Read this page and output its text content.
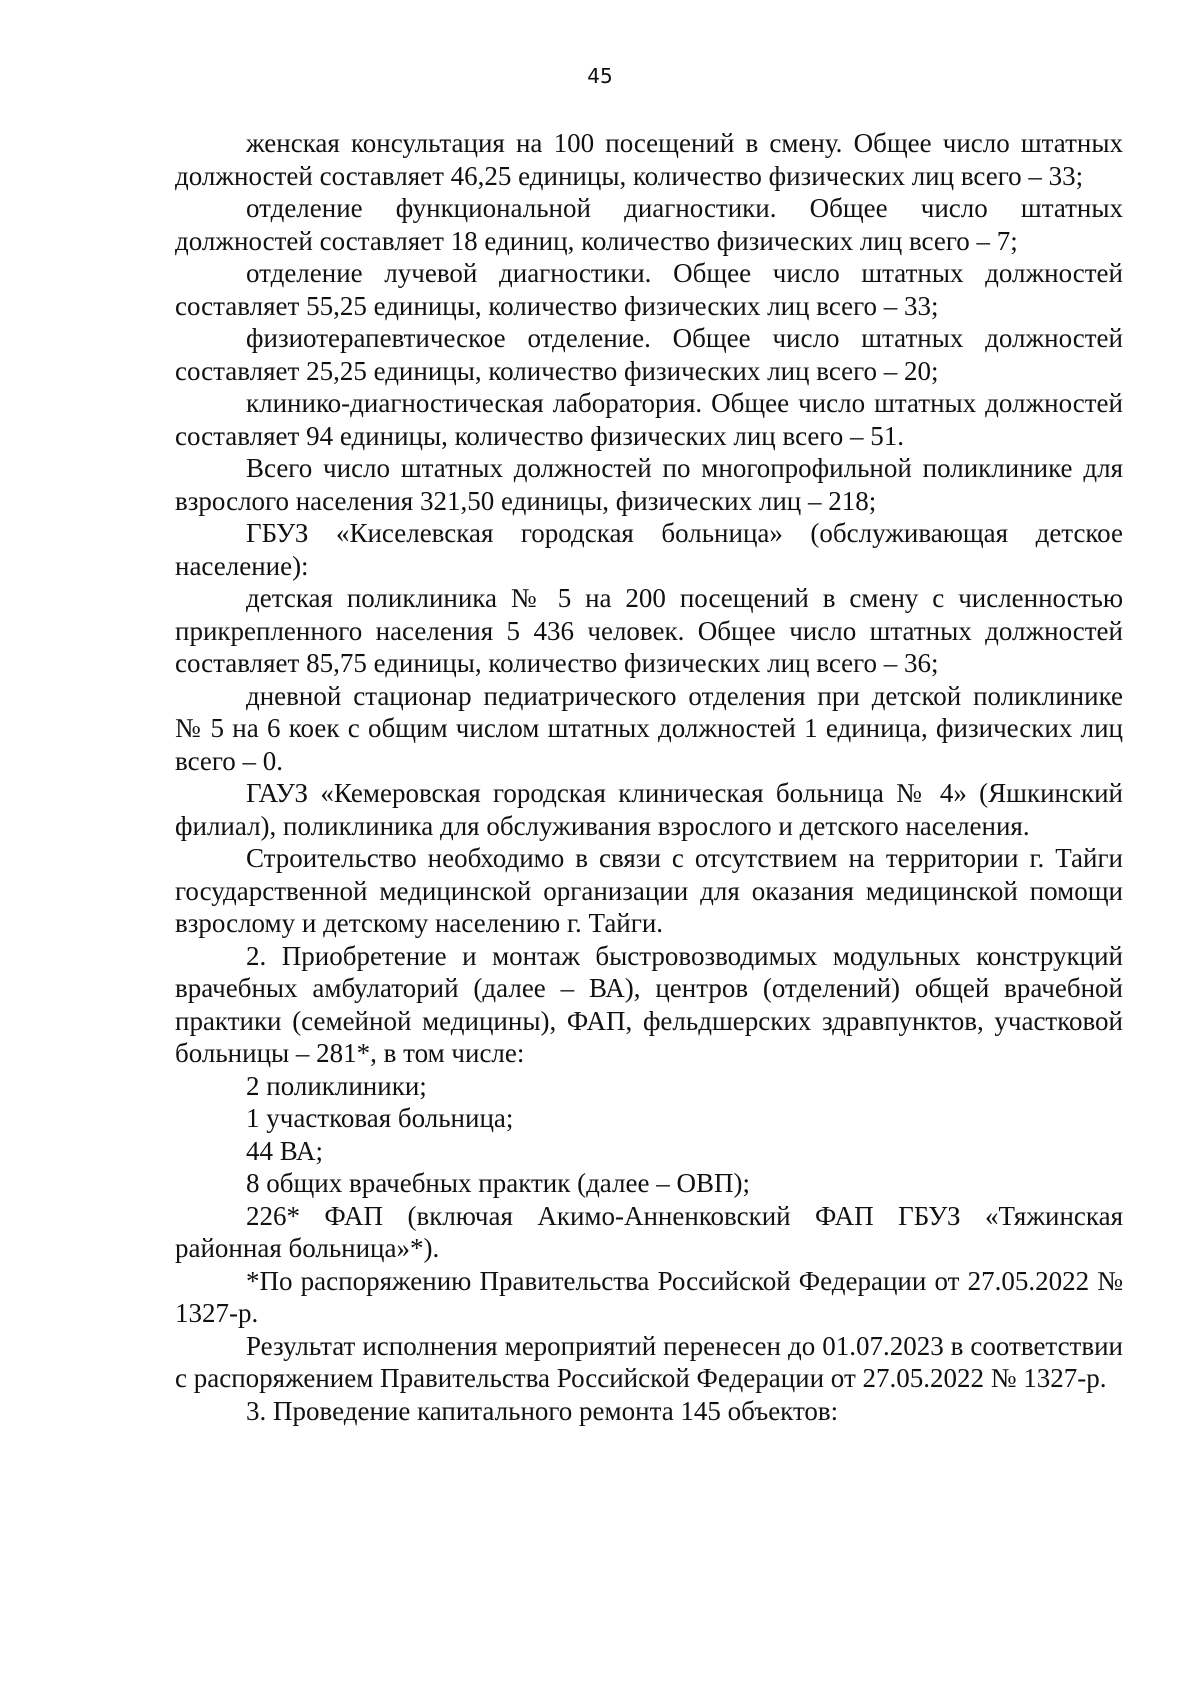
45

женская консультация на 100 посещений в смену. Общее число штатных должностей составляет 46,25 единицы, количество физических лиц всего – 33;

отделение функциональной диагностики. Общее число штатных должностей составляет 18 единиц, количество физических лиц всего – 7;

отделение лучевой диагностики. Общее число штатных должностей составляет 55,25 единицы, количество физических лиц всего – 33;

физиотерапевтическое отделение. Общее число штатных должностей составляет 25,25 единицы, количество физических лиц всего – 20;

клинико-диагностическая лаборатория. Общее число штатных должностей составляет 94 единицы, количество физических лиц всего – 51.

Всего число штатных должностей по многопрофильной поликлинике для взрослого населения 321,50 единицы, физических лиц – 218;

ГБУЗ «Киселевская городская больница» (обслуживающая детское население):

детская поликлиника № 5 на 200 посещений в смену с численностью прикрепленного населения 5 436 человек. Общее число штатных должностей составляет 85,75 единицы, количество физических лиц всего – 36;

дневной стационар педиатрического отделения при детской поликлинике № 5 на 6 коек с общим числом штатных должностей 1 единица, физических лиц всего – 0.

ГАУЗ «Кемеровская городская клиническая больница № 4» (Яшкинский филиал), поликлиника для обслуживания взрослого и детского населения.

Строительство необходимо в связи с отсутствием на территории г. Тайги государственной медицинской организации для оказания медицинской помощи взрослому и детскому населению г. Тайги.

2. Приобретение и монтаж быстровозводимых модульных конструкций врачебных амбулаторий (далее – ВА), центров (отделений) общей врачебной практики (семейной медицины), ФАП, фельдшерских здравпунктов, участковой больницы – 281*, в том числе:

2 поликлиники;

1 участковая больница;

44 ВА;

8 общих врачебных практик (далее – ОВП);

226* ФАП (включая Акимо-Анненковский ФАП ГБУЗ «Тяжинская районная больница»*).

*По распоряжению Правительства Российской Федерации от 27.05.2022 № 1327-р.

Результат исполнения мероприятий перенесен до 01.07.2023 в соответствии с распоряжением Правительства Российской Федерации от 27.05.2022 № 1327-р.

3. Проведение капитального ремонта 145 объектов:
